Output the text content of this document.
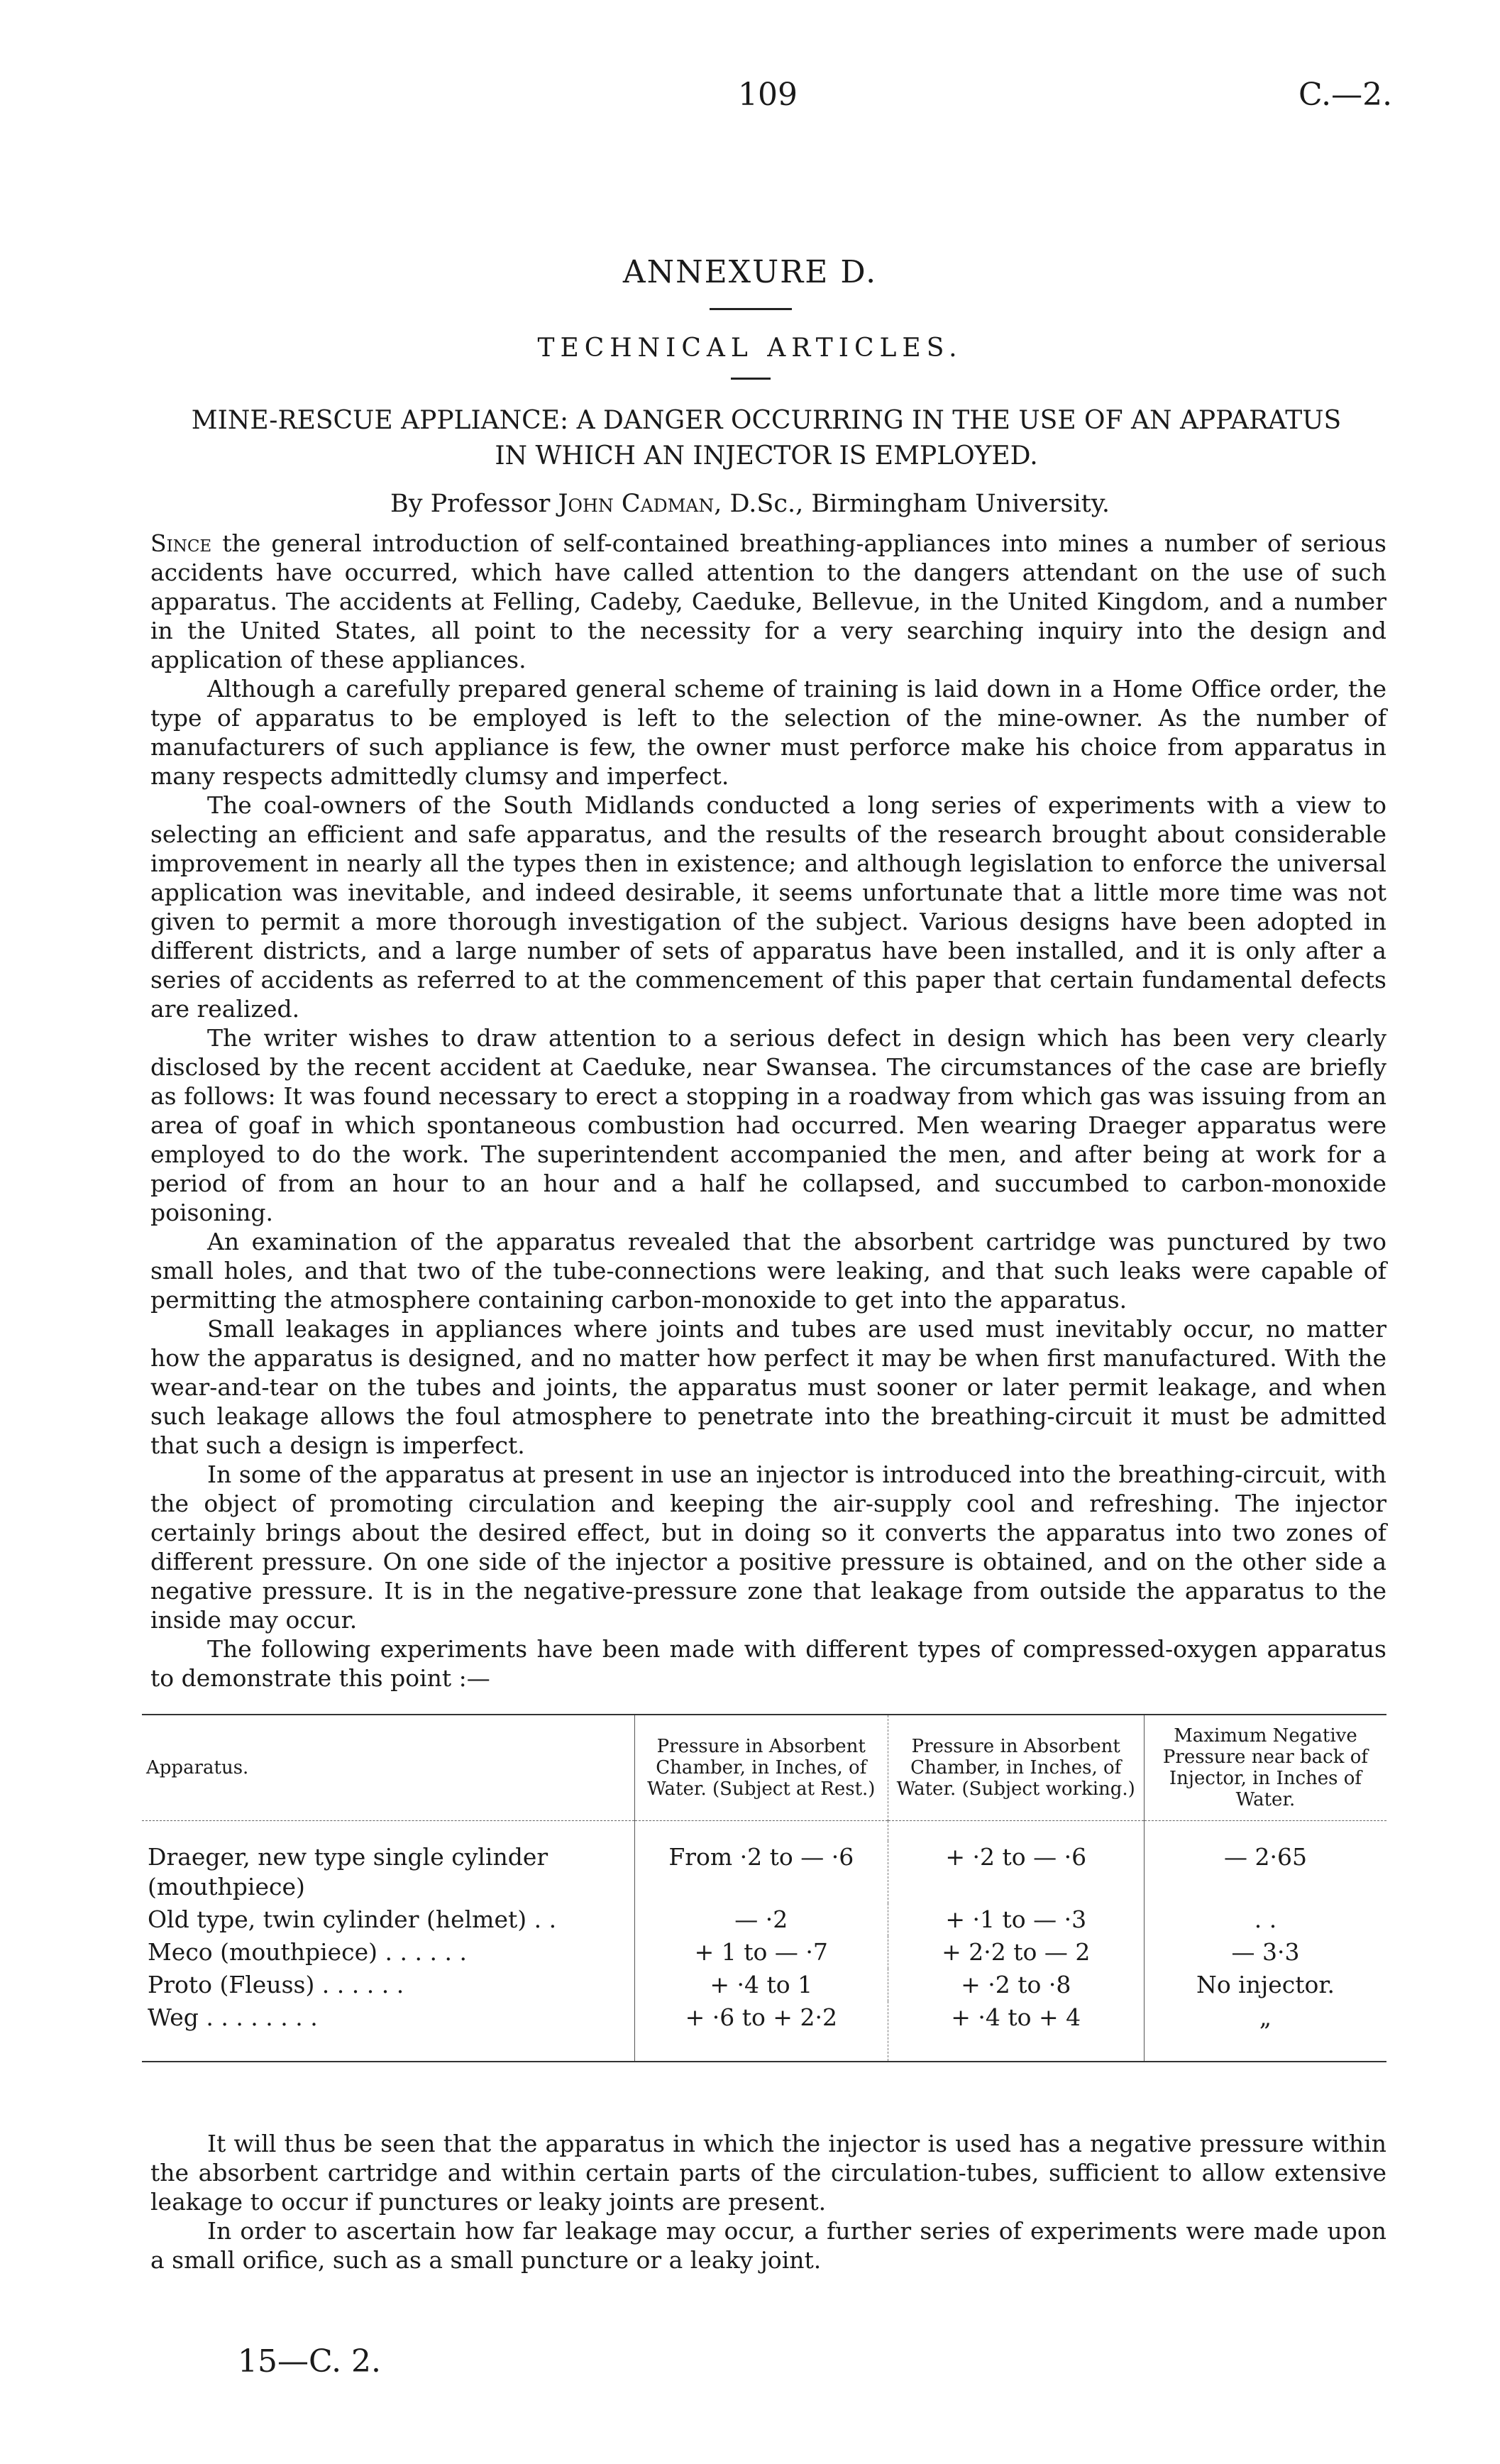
109	C.—2.
ANNEXURE D.
TECHNICAL ARTICLES.
MINE-RESCUE APPLIANCE: A DANGER OCCURRING IN THE USE OF AN APPARATUS
IN WHICH AN INJECTOR IS EMPLOYED.
By Professor John Cadman, D.Sc., Birmingham University.

Since the general introduction of self-contained breathing-appliances into mines a number of serious accidents have occurred, which have called attention to the dangers attendant on the use of such apparatus. The accidents at Felling, Cadeby, Caeduke, Bellevue, in the United Kingdom, and a number in the United States, all point to the necessity for a very searching inquiry into the design and application of these appliances.

Although a carefully prepared general scheme of training is laid down in a Home Office order, the type of apparatus to be employed is left to the selection of the mine-owner. As the number of manufacturers of such appliance is few, the owner must perforce make his choice from apparatus in many respects admittedly clumsy and imperfect.

The coal-owners of the South Midlands conducted a long series of experiments with a view to selecting an efficient and safe apparatus, and the results of the research brought about considerable improvement in nearly all the types then in existence; and although legislation to enforce the universal application was inevitable, and indeed desirable, it seems unfortunate that a little more time was not given to permit a more thorough investigation of the subject. Various designs have been adopted in different districts, and a large number of sets of apparatus have been installed, and it is only after a series of accidents as referred to at the commencement of this paper that certain fundamental defects are realized.

The writer wishes to draw attention to a serious defect in design which has been very clearly disclosed by the recent accident at Caeduke, near Swansea. The circumstances of the case are briefly as follows: It was found necessary to erect a stopping in a roadway from which gas was issuing from an area of goaf in which spontaneous combustion had occurred. Men wearing Draeger apparatus were employed to do the work. The superintendent accompanied the men, and after being at work for a period of from an hour to an hour and a half he collapsed, and succumbed to carbon-monoxide poisoning.

An examination of the apparatus revealed that the absorbent cartridge was punctured by two small holes, and that two of the tube-connections were leaking, and that such leaks were capable of permitting the atmosphere containing carbon-monoxide to get into the apparatus.

Small leakages in appliances where joints and tubes are used must inevitably occur, no matter how the apparatus is designed, and no matter how perfect it may be when first manufactured. With the wear-and-tear on the tubes and joints, the apparatus must sooner or later permit leakage, and when such leakage allows the foul atmosphere to penetrate into the breathing-circuit it must be admitted that such a design is imperfect.

In some of the apparatus at present in use an injector is introduced into the breathing-circuit, with the object of promoting circulation and keeping the air-supply cool and refreshing. The injector certainly brings about the desired effect, but in doing so it converts the apparatus into two zones of different pressure. On one side of the injector a positive pressure is obtained, and on the other side a negative pressure. It is in the negative-pressure zone that leakage from outside the apparatus to the inside may occur.

The following experiments have been made with different types of compressed-oxygen apparatus to demonstrate this point :—

Apparatus.	Pressure in Absorbent Chamber, in Inches, of Water. (Subject at Rest.)	Pressure in Absorbent Chamber, in Inches, of Water. (Subject working.)	Maximum Negative Pressure near back of Injector, in Inches of Water.

Draeger, new type single cylinder (mouthpiece)	From ·2 to — ·6	+ ·2 to — ·6	— 2·65
Old type, twin cylinder (helmet) . .	— ·2	+ ·1 to — ·3	. .
Meco (mouthpiece) . . . . . .	+ 1 to — ·7	+ 2·2 to — 2	— 3·3
Proto (Fleuss) . . . . . .	+ ·4 to 1	+ ·2 to ·8	No injector.
Weg . . . . . . . .	+ ·6 to + 2·2	+ ·4 to + 4	„

It will thus be seen that the apparatus in which the injector is used has a negative pressure within the absorbent cartridge and within certain parts of the circulation-tubes, sufficient to allow extensive leakage to occur if punctures or leaky joints are present.

In order to ascertain how far leakage may occur, a further series of experiments were made upon a small orifice, such as a small puncture or a leaky joint.

15—C. 2.
